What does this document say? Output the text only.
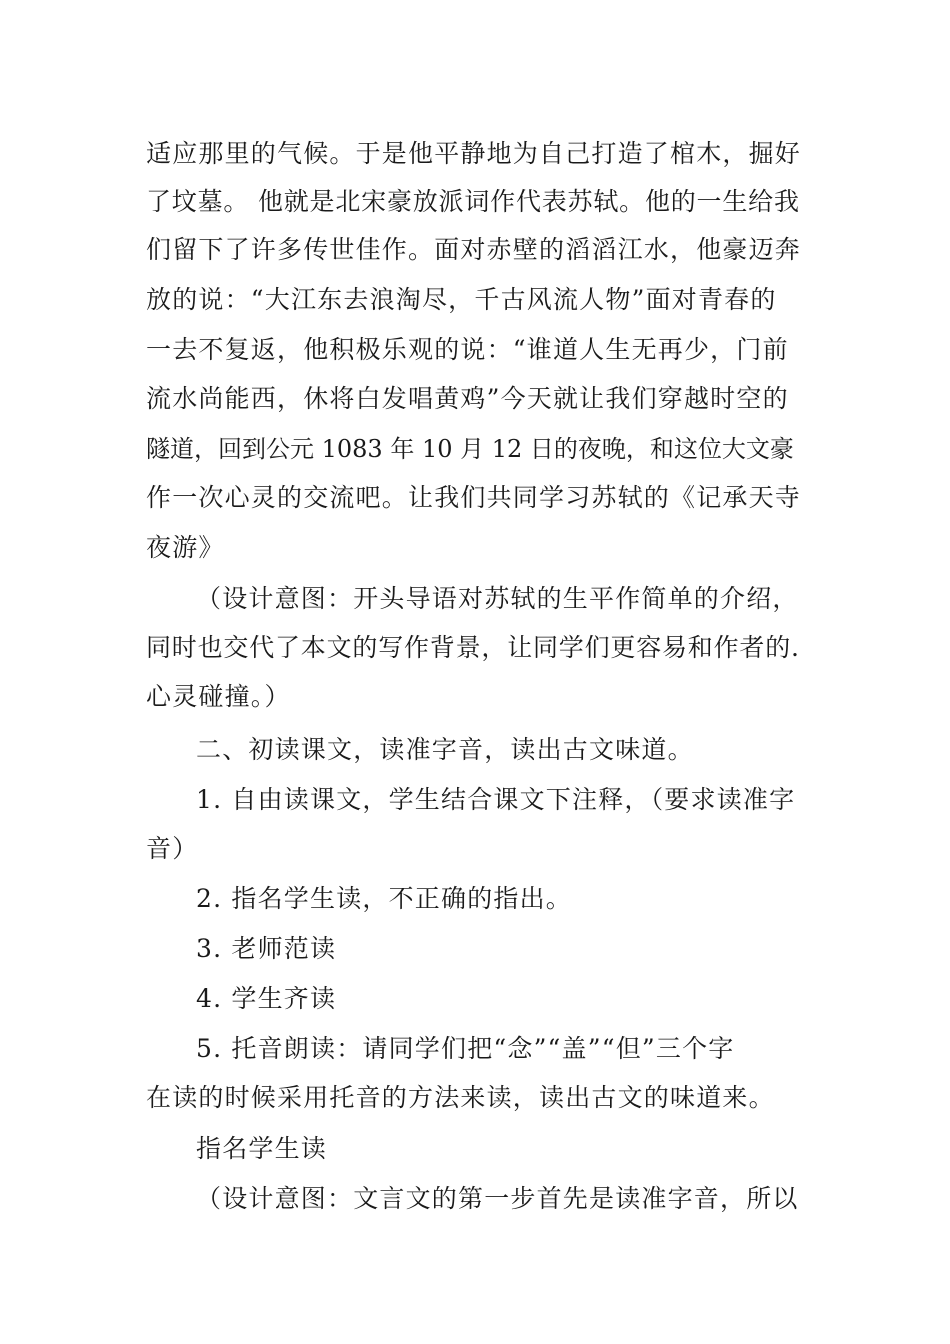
适应那里的气候。于是他平静地为自己打造了棺木，掘好
了坟墓。 他就是北宋豪放派词作代表苏轼。他的一生给我
们留下了许多传世佳作。面对赤壁的滔滔江水，他豪迈奔
放的说：“大江东去浪淘尽，千古风流人物”面对青春的
一去不复返，他积极乐观的说：“谁道人生无再少，门前
流水尚能西，休将白发唱黄鸡”今天就让我们穿越时空的
隧道，回到公元 1083 年 10 月 12 日的夜晚，和这位大文豪
作一次心灵的交流吧。让我们共同学习苏轼的《记承天寺
夜游》
（设计意图：开头导语对苏轼的生平作简单的介绍，
同时也交代了本文的写作背景，让同学们更容易和作者的.
心灵碰撞。）
二、初读课文，读准字音，读出古文味道。
1. 自由读课文，学生结合课文下注释，（要求读准字
音）
2. 指名学生读，不正确的指出。
3. 老师范读
4. 学生齐读
5. 托音朗读：请同学们把“念”“盖”“但”三个字
在读的时候采用托音的方法来读，读出古文的味道来。
指名学生读
（设计意图：文言文的第一步首先是读准字音，所以
